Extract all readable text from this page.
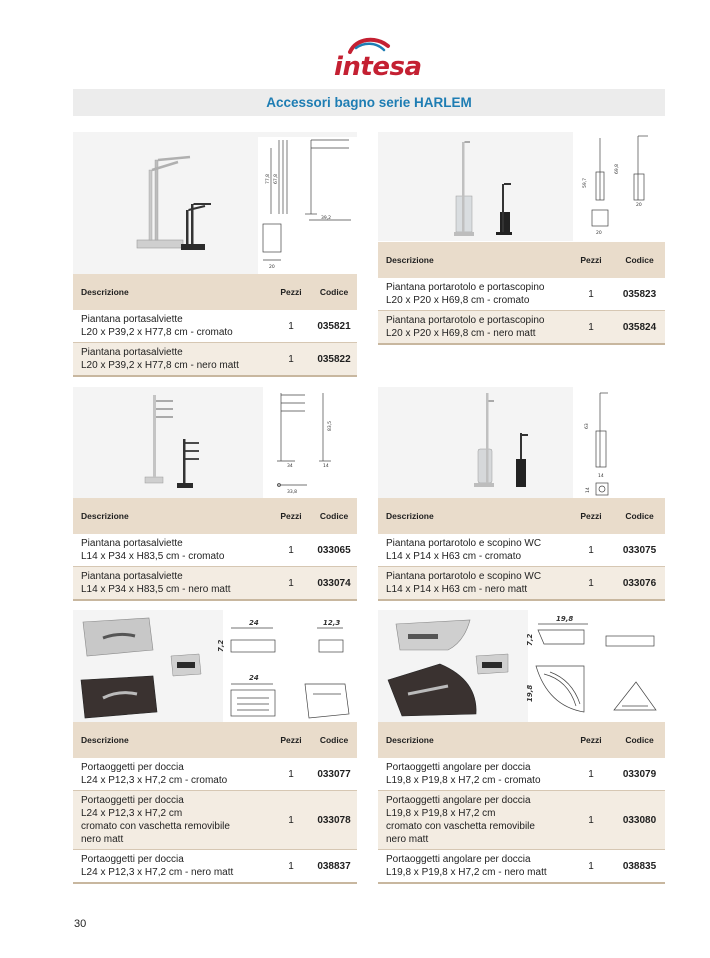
intesa
Accessori bagno serie HARLEM
77,8 67,8
39,2
20
Descrizione	Pezzi	Codice

Piantana portasalviette
L20 x P39,2 x H77,8 cm - cromato	1	035821

Piantana portasalviette
L20 x P39,2 x H77,8 cm - nero matt	1	035822
69,8
59,7
20
20
Descrizione	Pezzi	Codice

Piantana portarotolo e portascopino
L20 x P20 x H69,8 cm - cromato	1	035823

Piantana portarotolo e portascopino
L20 x P20 x H69,8 cm - nero matt	1	035824
83,5
34	14
33,8
Descrizione	Pezzi	Codice

Piantana portasalviette
L14 x P34 x H83,5 cm - cromato	1	033065

Piantana portasalviette
L14 x P34 x H83,5 cm - nero matt	1	033074
63
14
14
Descrizione	Pezzi	Codice

Piantana portarotolo e scopino WC
L14 x P14 x H63 cm - cromato	1	033075

Piantana portarotolo e scopino WC
L14 x P14 x H63 cm - nero matt	1	033076
24	12,3
7,2
24
Descrizione	Pezzi	Codice

Portaoggetti per doccia
L24 x P12,3 x H7,2 cm - cromato	1	033077

Portaoggetti per doccia
L24 x P12,3 x H7,2 cm
cromato con vaschetta removibile
nero matt	1	033078

Portaoggetti per doccia
L24 x P12,3 x H7,2 cm - nero matt	1	038837
19,8
7,2
19,8
Descrizione	Pezzi	Codice

Portaoggetti angolare per doccia
L19,8 x P19,8 x H7,2 cm - cromato	1	033079

Portaoggetti angolare per doccia
L19,8 x P19,8 x H7,2 cm
cromato con vaschetta removibile
nero matt	1	033080

Portaoggetti angolare per doccia
L19,8 x P19,8 x H7,2 cm - nero matt	1	038835
30
